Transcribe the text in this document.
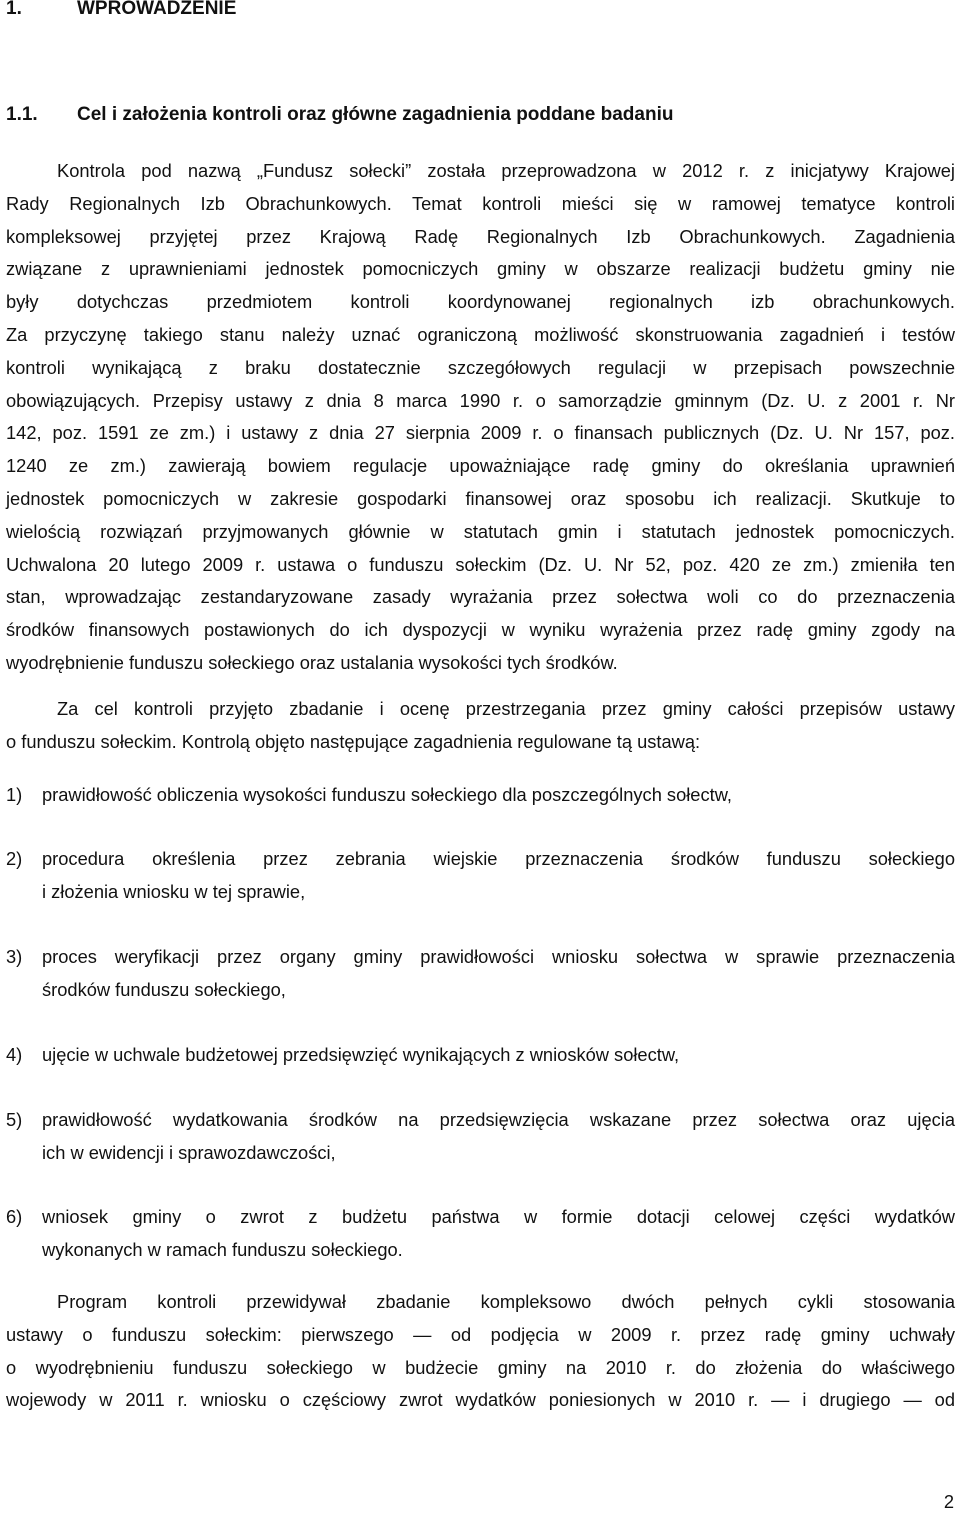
1.	WPROWADZENIE
1.1. Cel i założenia kontroli oraz główne zagadnienia poddane badaniu
Kontrola pod nazwą „Fundusz sołecki” została przeprowadzona w 2012 r. z inicjatywy Krajowej
Rady Regionalnych Izb Obrachunkowych. Temat kontroli mieści się w ramowej tematyce kontroli
kompleksowej przyjętej przez Krajową Radę Regionalnych Izb Obrachunkowych. Zagadnienia
związane z uprawnieniami jednostek pomocniczych gminy w obszarze realizacji budżetu gminy nie
były dotychczas przedmiotem kontroli koordynowanej regionalnych izb obrachunkowych.
Za przyczynę takiego stanu należy uznać ograniczoną możliwość skonstruowania zagadnień i testów
kontroli wynikającą z braku dostatecznie szczegółowych regulacji w przepisach powszechnie
obowiązujących. Przepisy ustawy z dnia 8 marca 1990 r. o samorządzie gminnym (Dz. U. z 2001 r. Nr
142, poz. 1591 ze zm.) i ustawy z dnia 27 sierpnia 2009 r. o finansach publicznych (Dz. U. Nr 157, poz.
1240 ze zm.) zawierają bowiem regulacje upoważniające radę gminy do określania uprawnień
jednostek pomocniczych w zakresie gospodarki finansowej oraz sposobu ich realizacji. Skutkuje to
wielością rozwiązań przyjmowanych głównie w statutach gmin i statutach jednostek pomocniczych.
Uchwalona 20 lutego 2009 r. ustawa o funduszu sołeckim (Dz. U. Nr 52, poz. 420 ze zm.) zmieniła ten
stan, wprowadzając zestandaryzowane zasady wyrażania przez sołectwa woli co do przeznaczenia
środków finansowych postawionych do ich dyspozycji w wyniku wyrażenia przez radę gminy zgody na
wyodrębnienie funduszu sołeckiego oraz ustalania wysokości tych środków.
Za cel kontroli przyjęto zbadanie i ocenę przestrzegania przez gminy całości przepisów ustawy
o funduszu sołeckim. Kontrolą objęto następujące zagadnienia regulowane tą ustawą:
1) prawidłowość obliczenia wysokości funduszu sołeckiego dla poszczególnych sołectw,
2) procedura określenia przez zebrania wiejskie przeznaczenia środków funduszu sołeckiego
i złożenia wniosku w tej sprawie,
3) proces weryfikacji przez organy gminy prawidłowości wniosku sołectwa w sprawie przeznaczenia
środków funduszu sołeckiego,
4) ujęcie w uchwale budżetowej przedsięwzięć wynikających z wniosków sołectw,
5) prawidłowość wydatkowania środków na przedsięwzięcia wskazane przez sołectwa oraz ujęcia
ich w ewidencji i sprawozdawczości,
6) wniosek gminy o zwrot z budżetu państwa w formie dotacji celowej części wydatków
wykonanych w ramach funduszu sołeckiego.
Program kontroli przewidywał zbadanie kompleksowo dwóch pełnych cykli stosowania
ustawy o funduszu sołeckim: pierwszego — od podjęcia w 2009 r. przez radę gminy uchwały
o wyodrębnieniu funduszu sołeckiego w budżecie gminy na 2010 r. do złożenia do właściwego
wojewody w 2011 r. wniosku o częściowy zwrot wydatków poniesionych w 2010 r. — i drugiego — od
2
